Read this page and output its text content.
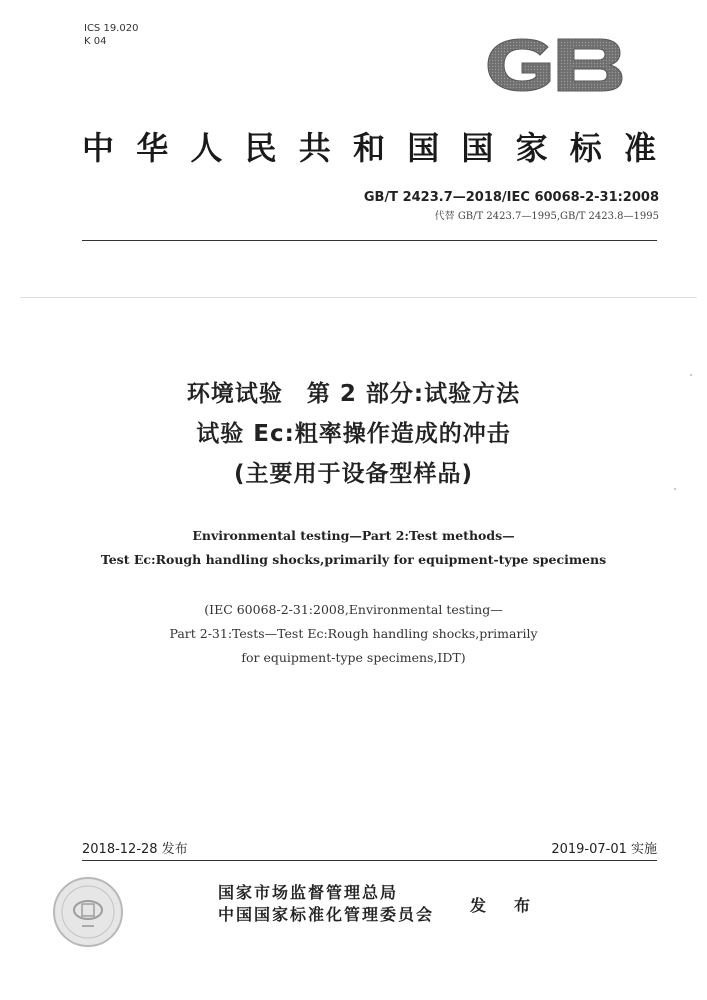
ICS 19.020
K 04
中华人民共和国国家标准
GB/T 2423.7—2018/IEC 60068-2-31:2008
代替 GB/T 2423.7—1995,GB/T 2423.8—1995
环境试验　第 2 部分:试验方法
试验 Ec:粗率操作造成的冲击
(主要用于设备型样品)
Environmental testing—Part 2:Test methods—
Test Ec:Rough handling shocks,primarily for equipment-type specimens
(IEC 60068-2-31:2008,Environmental testing—
Part 2-31:Tests—Test Ec:Rough handling shocks,primarily
for equipment-type specimens,IDT)
2018-12-28 发布	2019-07-01 实施
国家市场监督管理总局
中国国家标准化管理委员会 发　布
